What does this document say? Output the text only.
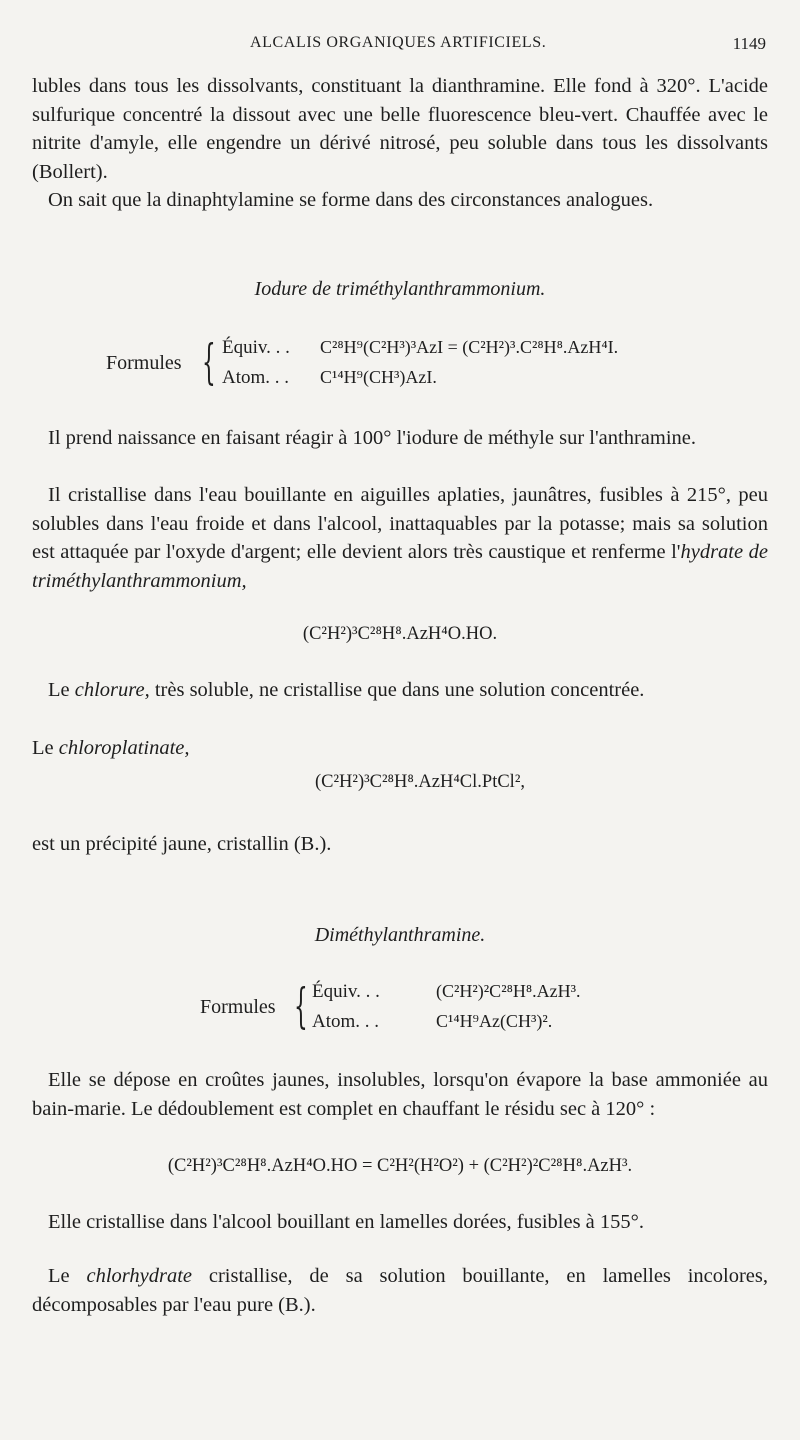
ALCALIS ORGANIQUES ARTIFICIELS.	1149

lubles dans tous les dissolvants, constituant la dianthramine. Elle fond à 320°. L'acide sulfurique concentré la dissout avec une belle fluorescence bleu-vert. Chauffée avec le nitrite d'amyle, elle engendre un dérivé nitrosé, peu soluble dans tous les dissolvants (Bollert).

On sait que la dinaphtylamine se forme dans des circonstances analogues.

Iodure de triméthylanthrammonium.

Formules { Équiv. . . C²⁸H⁹(C²H³)³AzI = (C²H²)³.C²⁸H⁸.AzH⁴I.
Atom. . . C¹⁴H⁹(CH³)AzI.

Il prend naissance en faisant réagir à 100° l'iodure de méthyle sur l'anthramine.

Il cristallise dans l'eau bouillante en aiguilles aplaties, jaunâtres, fusibles à 215°, peu solubles dans l'eau froide et dans l'alcool, inattaquables par la potasse; mais sa solution est attaquée par l'oxyde d'argent; elle devient alors très caustique et renferme l'hydrate de triméthylanthrammonium,

(C²H²)³C²⁸H⁸.AzH⁴O.HO.

Le chlorure, très soluble, ne cristallise que dans une solution concentrée.

Le chloroplatinate,

(C²H²)³C²⁸H⁸.AzH⁴Cl.PtCl²,

est un précipité jaune, cristallin (B.).

Diméthylanthramine.

Formules { Équiv. . .	(C²H²)²C²⁸H⁸.AzH³.
Atom. . .	C¹⁴H⁹Az(CH³)².

Elle se dépose en croûtes jaunes, insolubles, lorsqu'on évapore la base ammoniée au bain-marie. Le dédoublement est complet en chauffant le résidu sec à 120° :

(C²H²)³C²⁸H⁸.AzH⁴O.HO = C²H²(H²O²) + (C²H²)²C²⁸H⁸.AzH³.

Elle cristallise dans l'alcool bouillant en lamelles dorées, fusibles à 155°.

Le chlorhydrate cristallise, de sa solution bouillante, en lamelles incolores, décomposables par l'eau pure (B.).
